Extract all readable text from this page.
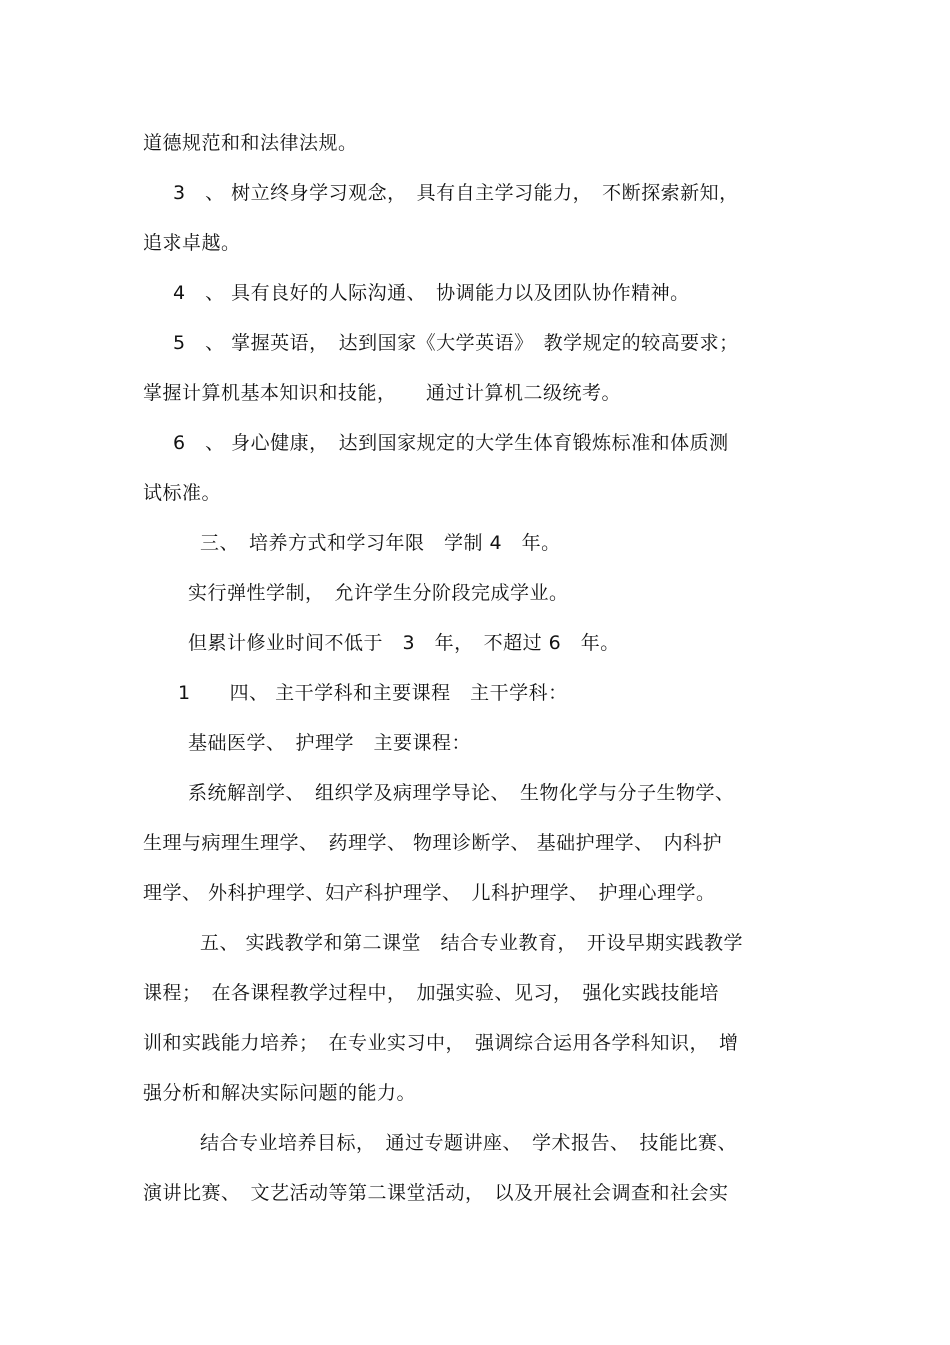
道德规范和和法律法规。
3　、 树立终身学习观念，　具有自主学习能力，　不断探索新知，
追求卓越。
4　、 具有良好的人际沟通、　协调能力以及团队协作精神。
5　、 掌握英语，　达到国家《大学英语》　教学规定的较高要求；
掌握计算机基本知识和技能，　　通过计算机二级统考。
6　、 身心健康，　达到国家规定的大学生体育锻炼标准和体质测
试标准。
三、　培养方式和学习年限　学制 4　年。
实行弹性学制，　允许学生分阶段完成学业。
但累计修业时间不低于　3　年，　不超过 6　年。
1　　四、 主干学科和主要课程　主干学科：
基础医学、　护理学　主要课程：
系统解剖学、　组织学及病理学导论、　生物化学与分子生物学、
生理与病理生理学、　药理学、 物理诊断学、 基础护理学、　内科护
理学、 外科护理学、妇产科护理学、　儿科护理学、　护理心理学。
五、 实践教学和第二课堂　结合专业教育，　开设早期实践教学
课程；　在各课程教学过程中，　加强实验、见习，　强化实践技能培
训和实践能力培养；　在专业实习中，　强调综合运用各学科知识，　增
强分析和解决实际问题的能力。
结合专业培养目标，　通过专题讲座、　学术报告、　技能比赛、
演讲比赛、　文艺活动等第二课堂活动，　以及开展社会调查和社会实
